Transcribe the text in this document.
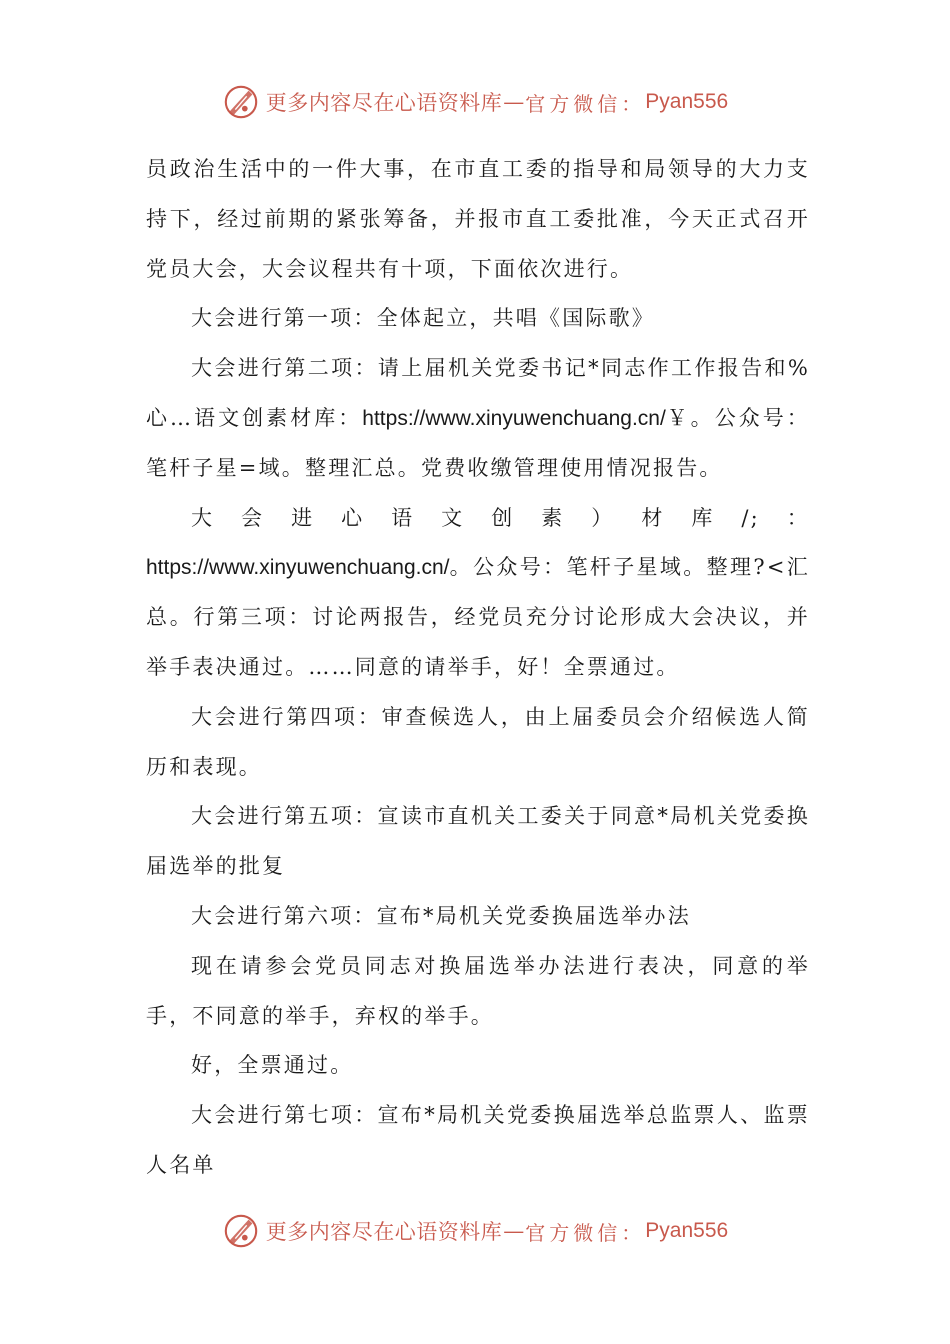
更多内容尽在心语资料库 — 官方微信： Pyan556

员政治生活中的一件大事，在市直工委的指导和局领导的大力支持下，经过前期的紧张筹备，并报市直工委批准，今天正式召开党员大会，大会议程共有十项，下面依次进行。

大会进行第一项：全体起立，共唱《国际歌》

大会进行第二项：请上届机关党委书记*同志作工作报告和%心…语文创素材库：https://www.xinyuwenchuang.cn/￥。公众号：笔杆子星=域。整理汇总。党费收缴管理使用情况报告。

大会进心语文创素）材库/;：https://www.xinyuwenchuang.cn/。公众号：笔杆子星域。整理?<汇总。行第三项：讨论两报告，经党员充分讨论形成大会决议，并举手表决通过。……同意的请举手，好！全票通过。

大会进行第四项：审查候选人，由上届委员会介绍候选人简历和表现。

大会进行第五项：宣读市直机关工委关于同意*局机关党委换届选举的批复

大会进行第六项：宣布*局机关党委换届选举办法

现在请参会党员同志对换届选举办法进行表决，同意的举手，不同意的举手，弃权的举手。

好，全票通过。

大会进行第七项：宣布*局机关党委换届选举总监票人、监票人名单

更多内容尽在心语资料库 — 官方微信： Pyan556
